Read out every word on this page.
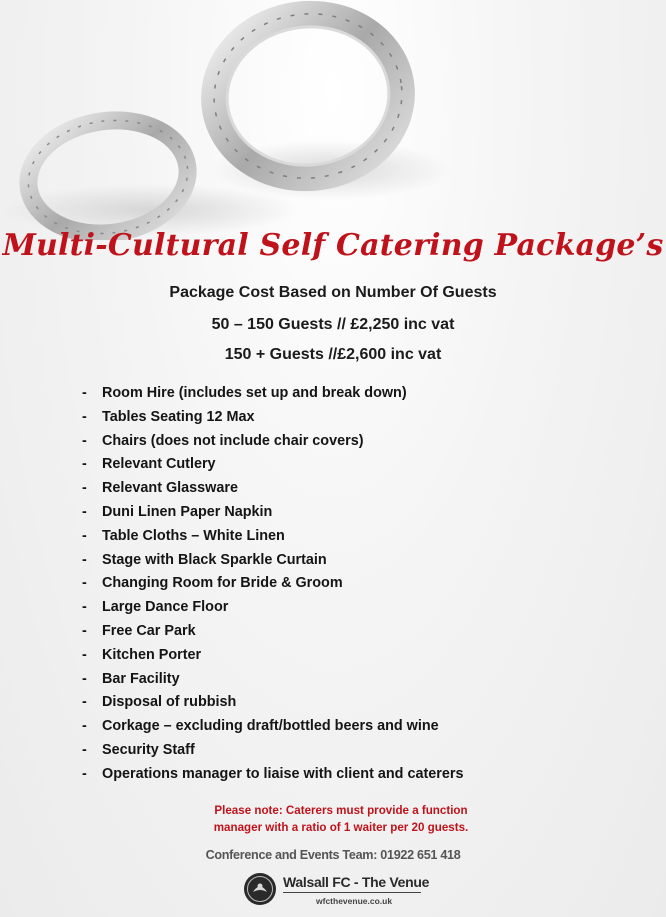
Multi-Cultural Self Catering Package’s
Package Cost Based on Number Of Guests
50 – 150 Guests // £2,250 inc vat
150 + Guests //£2,600 inc vat
- Room Hire (includes set up and break down)
- Tables Seating 12 Max
- Chairs (does not include chair covers)
- Relevant Cutlery
- Relevant Glassware
- Duni Linen Paper Napkin
- Table Cloths – White Linen
- Stage with Black Sparkle Curtain
- Changing Room for Bride & Groom
- Large Dance Floor
- Free Car Park
- Kitchen Porter
- Bar Facility
- Disposal of rubbish
- Corkage – excluding draft/bottled beers and wine
- Security Staff
- Operations manager to liaise with client and caterers
Please note: Caterers must provide a function
manager with a ratio of 1 waiter per 20 guests.
Conference and Events Team: 01922 651 418
Walsall FC - The Venue
wfcthevenue.co.uk
